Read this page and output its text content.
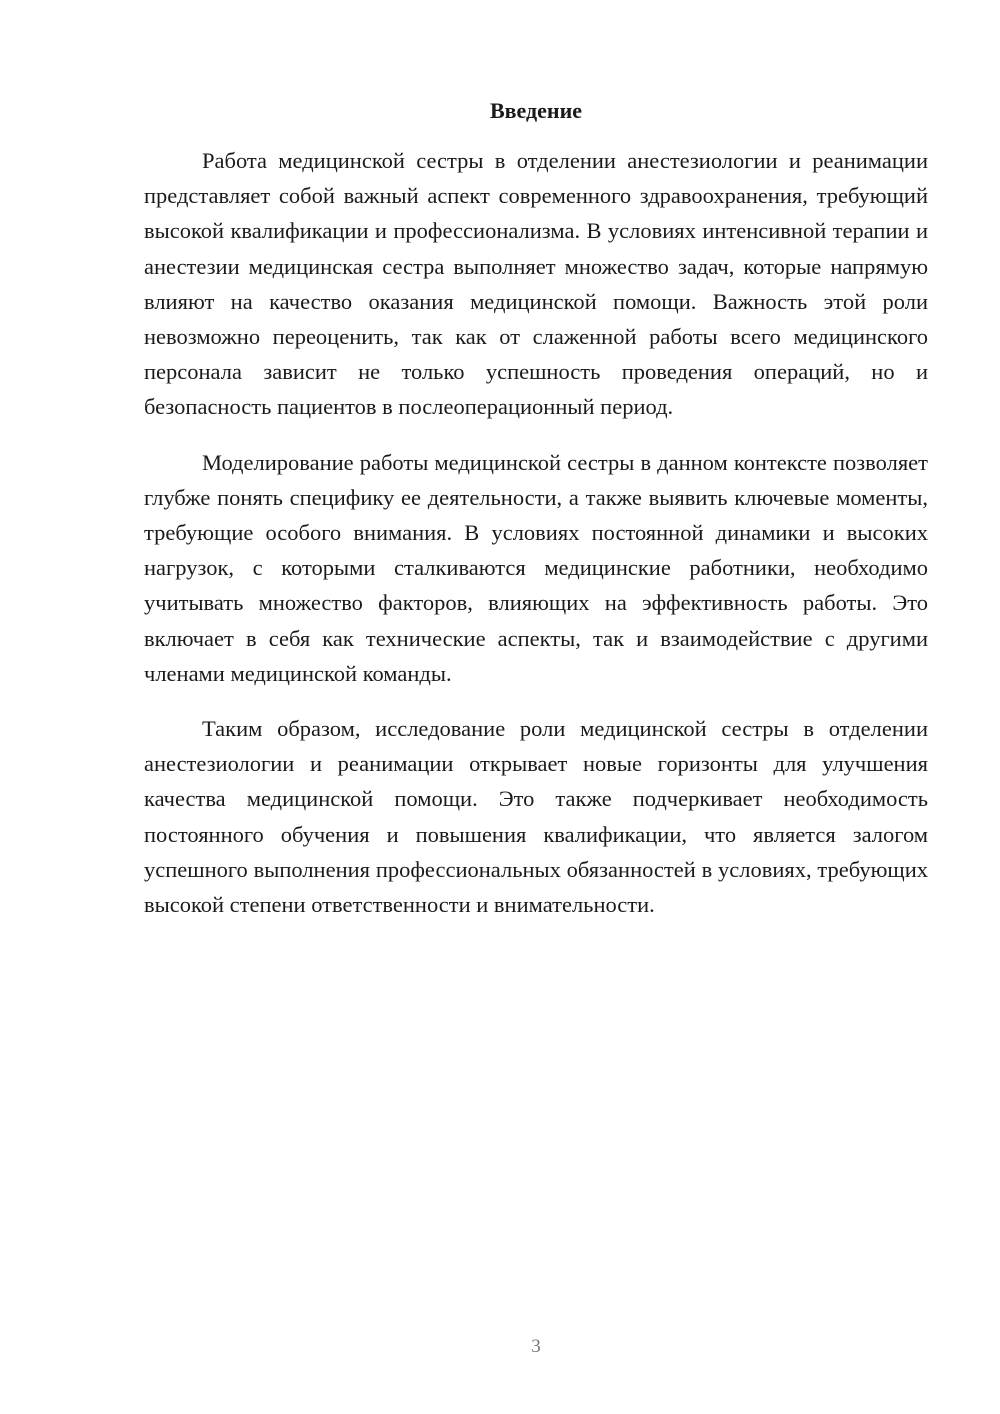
Введение

Работа медицинской сестры в отделении анестезиологии и реанимации представляет собой важный аспект современного здравоохранения, требующий высокой квалификации и профессионализма. В условиях интенсивной терапии и анестезии медицинская сестра выполняет множество задач, которые напрямую влияют на качество оказания медицинской помощи. Важность этой роли невозможно переоценить, так как от слаженной работы всего медицинского персонала зависит не только успешность проведения операций, но и безопасность пациентов в послеоперационный период.

Моделирование работы медицинской сестры в данном контексте позволяет глубже понять специфику ее деятельности, а также выявить ключевые моменты, требующие особого внимания. В условиях постоянной динамики и высоких нагрузок, с которыми сталкиваются медицинские работники, необходимо учитывать множество факторов, влияющих на эффективность работы. Это включает в себя как технические аспекты, так и взаимодействие с другими членами медицинской команды.

Таким образом, исследование роли медицинской сестры в отделении анестезиологии и реанимации открывает новые горизонты для улучшения качества медицинской помощи. Это также подчеркивает необходимость постоянного обучения и повышения квалификации, что является залогом успешного выполнения профессиональных обязанностей в условиях, требующих высокой степени ответственности и внимательности.

3
